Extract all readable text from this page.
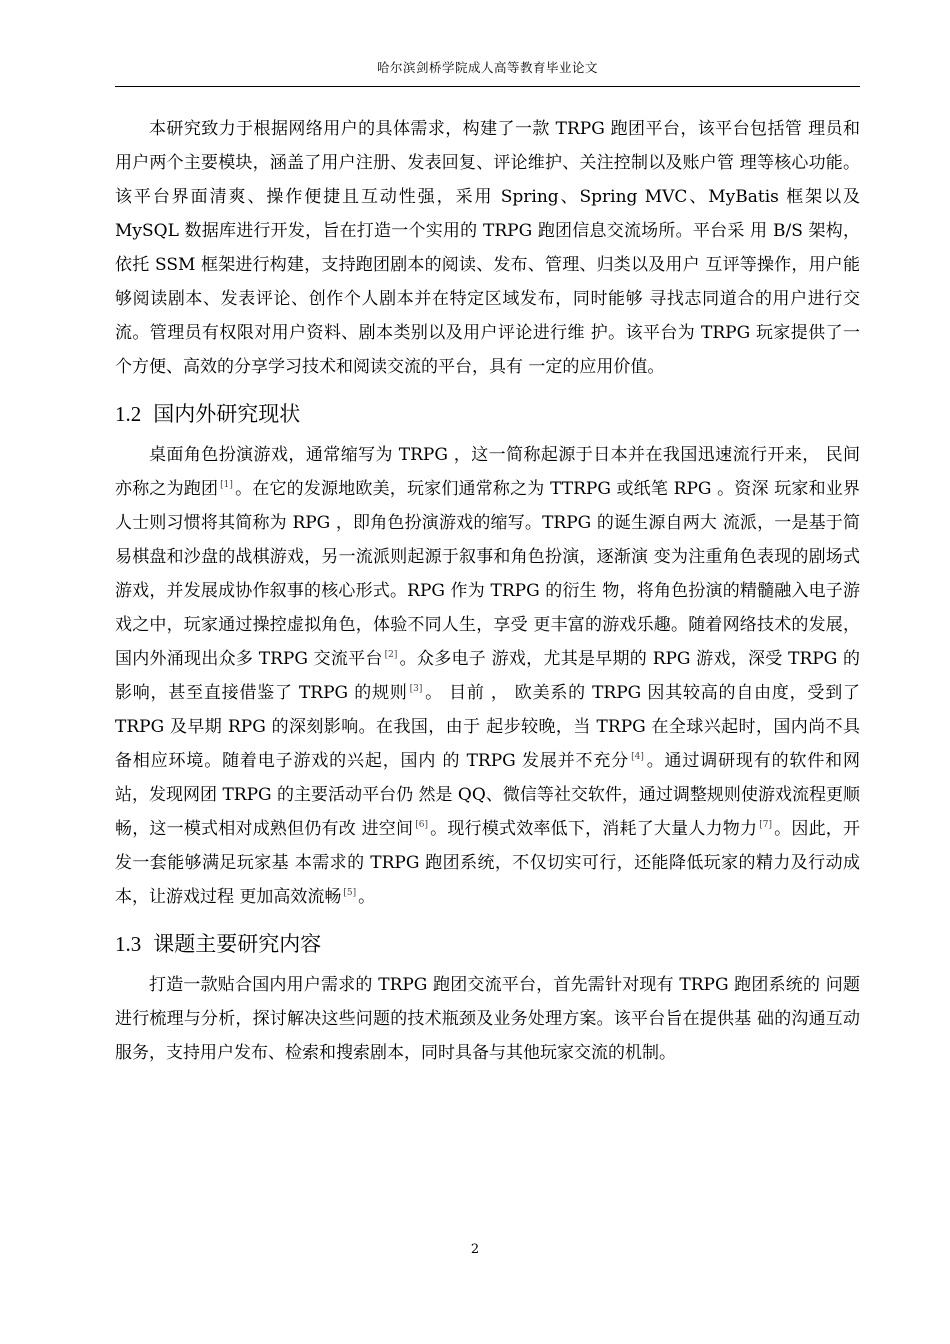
哈尔滨剑桥学院成人高等教育毕业论文

本研究致力于根据网络用户的具体需求，构建了一款 TRPG 跑团平台，该平台包括管 理员和用户两个主要模块，涵盖了用户注册、发表回复、评论维护、关注控制以及账户管 理等核心功能。该平台界面清爽、操作便捷且互动性强，采用 Spring、Spring MVC、MyBatis 框架以及 MySQL 数据库进行开发，旨在打造一个实用的 TRPG 跑团信息交流场所。平台采 用 B/S 架构，依托 SSM 框架进行构建，支持跑团剧本的阅读、发布、管理、归类以及用户 互评等操作，用户能够阅读剧本、发表评论、创作个人剧本并在特定区域发布，同时能够 寻找志同道合的用户进行交流。管理员有权限对用户资料、剧本类别以及用户评论进行维 护。该平台为 TRPG 玩家提供了一个方便、高效的分享学习技术和阅读交流的平台，具有 一定的应用价值。

1.2 国内外研究现状

桌面角色扮演游戏，通常缩写为 TRPG ，这一简称起源于日本并在我国迅速流行开来， 民间亦称之为跑团 [1] 。在它的发源地欧美，玩家们通常称之为 TTRPG 或纸笔 RPG 。资深 玩家和业界人士则习惯将其简称为 RPG ，即角色扮演游戏的缩写。TRPG 的诞生源自两大 流派，一是基于简易棋盘和沙盘的战棋游戏，另一流派则起源于叙事和角色扮演，逐渐演 变为注重角色表现的剧场式游戏，并发展成协作叙事的核心形式。RPG 作为 TRPG 的衍生 物，将角色扮演的精髓融入电子游戏之中，玩家通过操控虚拟角色，体验不同人生，享受 更丰富的游戏乐趣。随着网络技术的发展，国内外涌现出众多 TRPG 交流平台 [2] 。众多电子 游戏，尤其是早期的 RPG 游戏，深受 TRPG 的影响，甚至直接借鉴了 TRPG 的规则 [3] 。 目前 ， 欧美系的 TRPG 因其较高的自由度，受到了 TRPG 及早期 RPG 的深刻影响。在我国，由于 起步较晚，当 TRPG 在全球兴起时，国内尚不具备相应环境。随着电子游戏的兴起，国内 的 TRPG 发展并不充分 [4] 。通过调研现有的软件和网站，发现网团 TRPG 的主要活动平台仍 然是 QQ、微信等社交软件，通过调整规则使游戏流程更顺畅，这一模式相对成熟但仍有改 进空间 [6] 。现行模式效率低下，消耗了大量人力物力 [7] 。因此，开发一套能够满足玩家基 本需求的 TRPG 跑团系统，不仅切实可行，还能降低玩家的精力及行动成本，让游戏过程 更加高效流畅 [5] 。

1.3 课题主要研究内容

打造一款贴合国内用户需求的 TRPG 跑团交流平台，首先需针对现有 TRPG 跑团系统的 问题进行梳理与分析，探讨解决这些问题的技术瓶颈及业务处理方案。该平台旨在提供基 础的沟通互动服务，支持用户发布、检索和搜索剧本，同时具备与其他玩家交流的机制。

2
